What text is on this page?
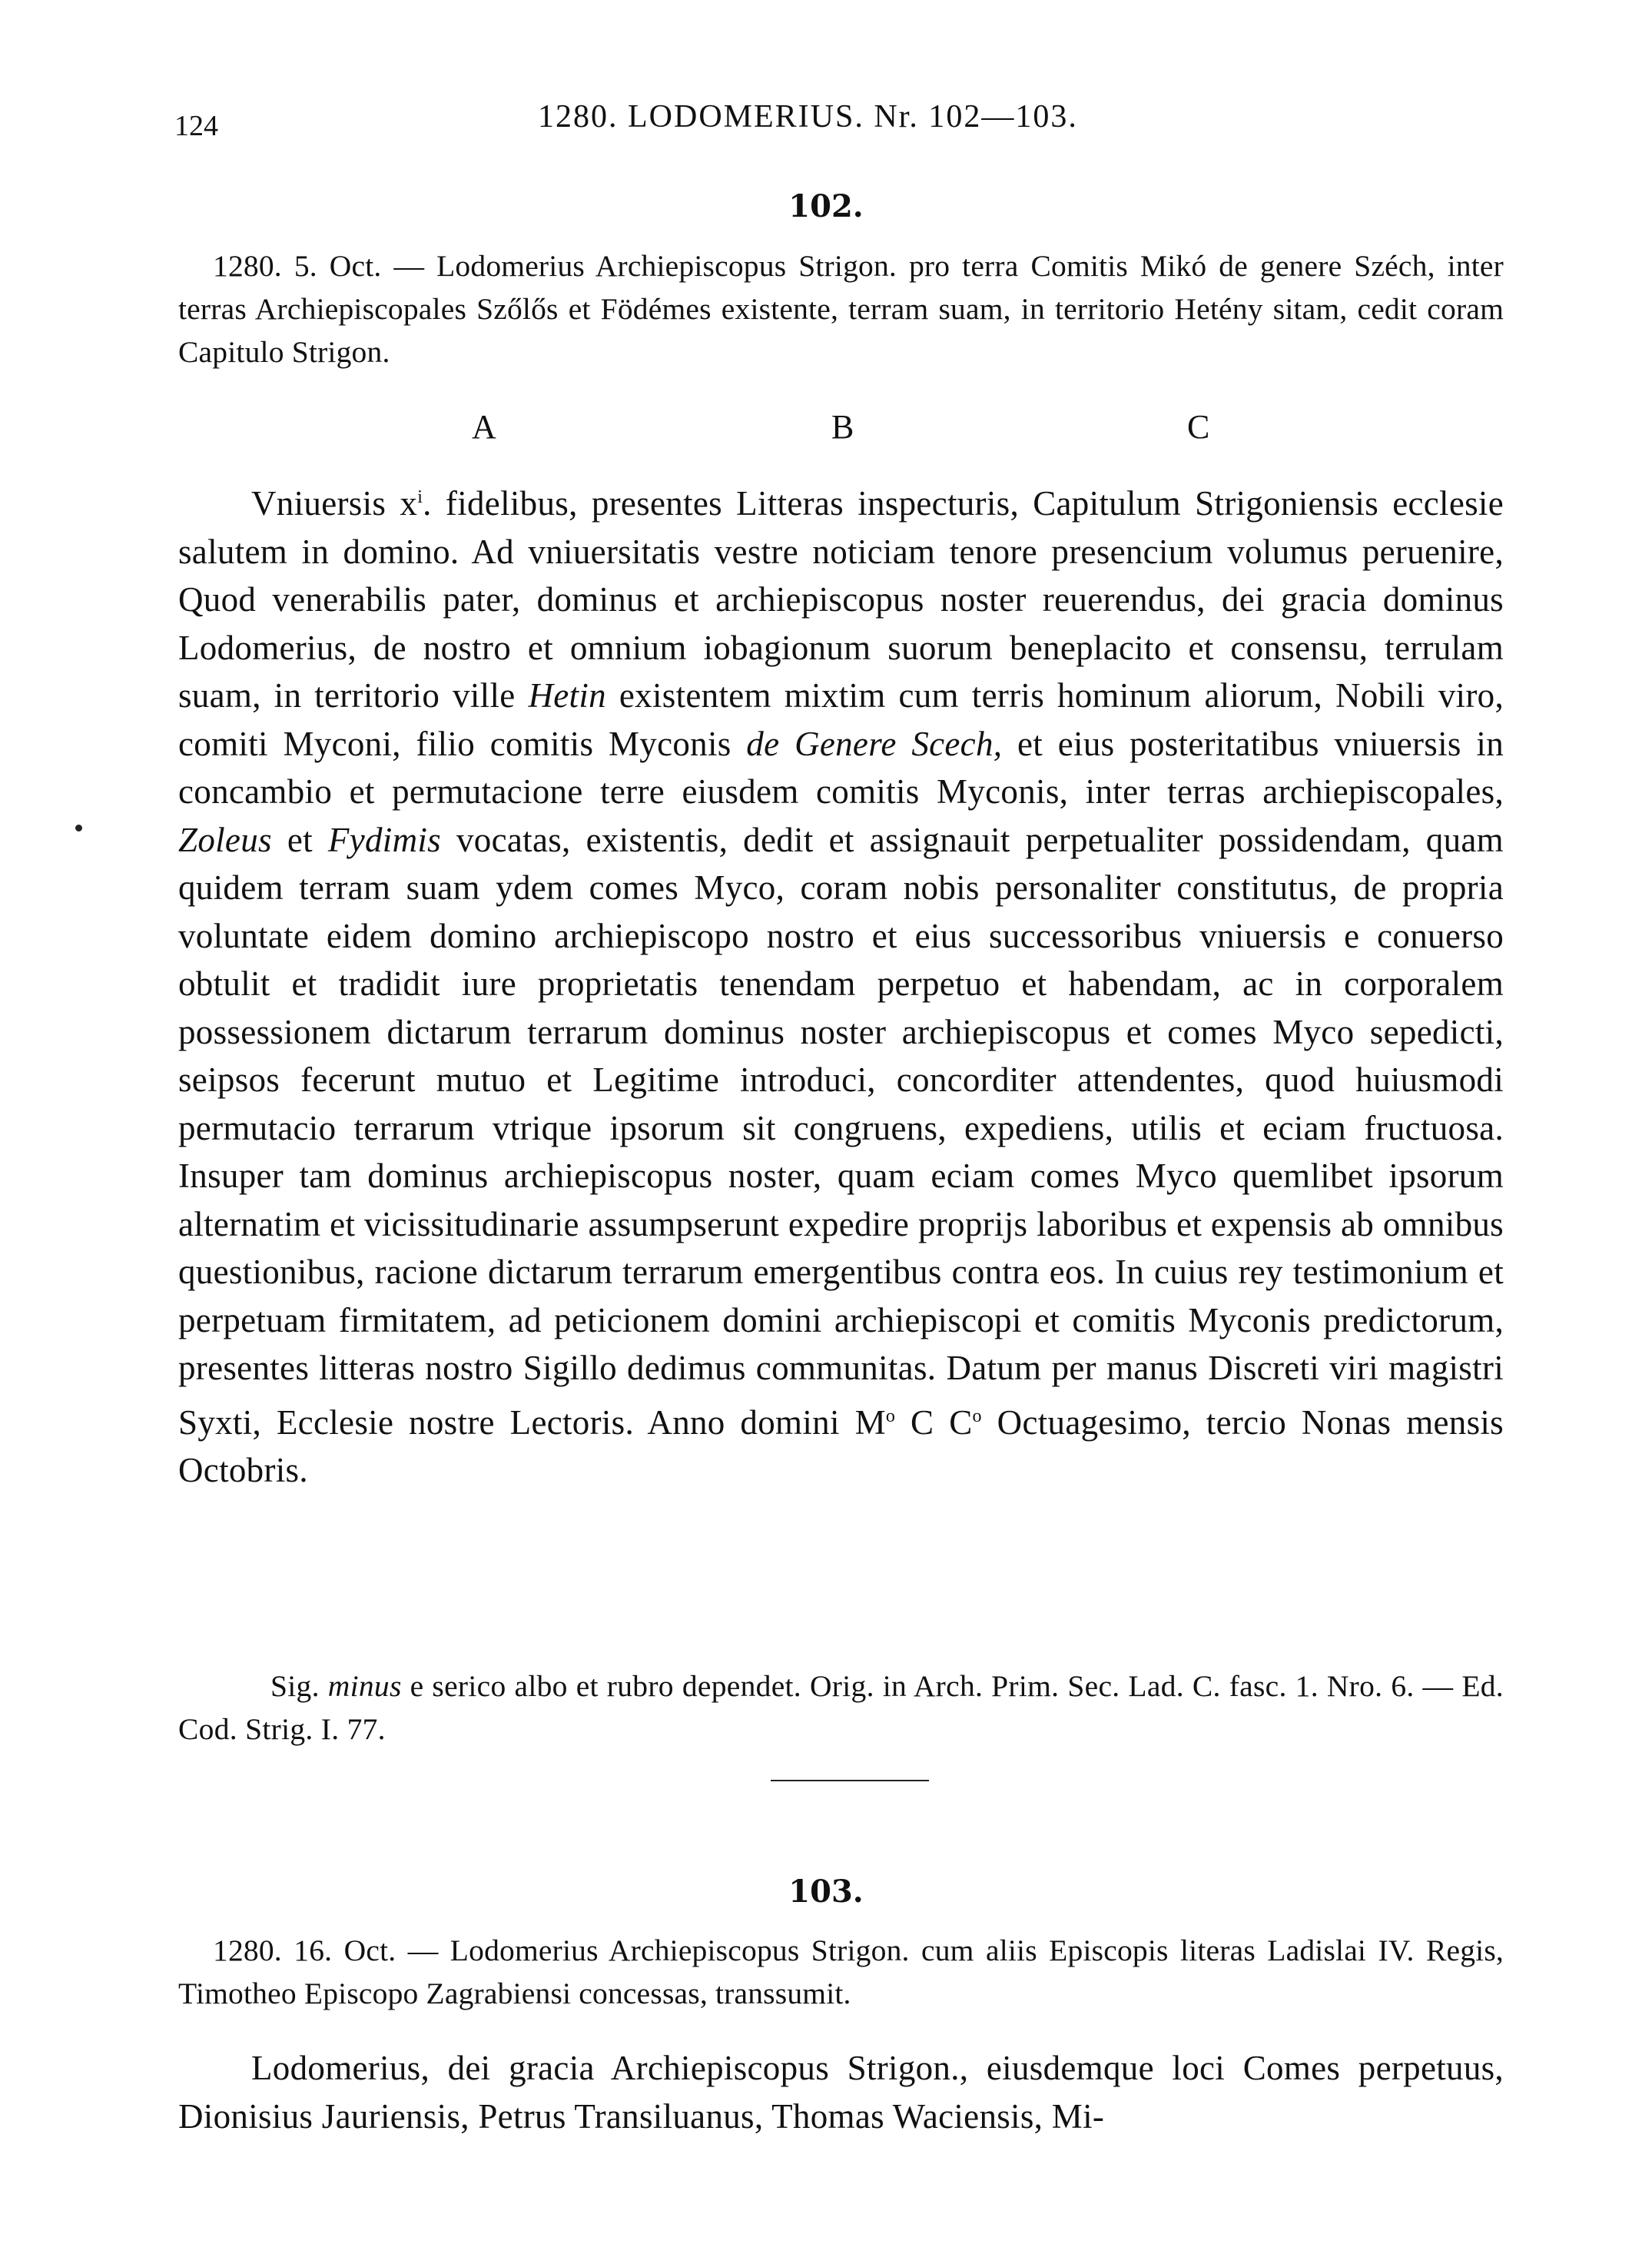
124	1280. LODOMERIUS. Nr. 102—103.
102.

1280. 5. Oct. — Lodomerius Archiepiscopus Strigon. pro terra Comitis Mikó de genere Széch, inter terras Archiepiscopales Szőlős et Födémes existente, terram suam, in territorio Hetény sitam, cedit coram Capitulo Strigon.

A	B	C

Vniuersis $x^i$. fidelibus, presentes Litteras inspecturis, Capitulum Strigoniensis ecclesie salutem in domino. Ad vniuersitatis vestre noticiam tenore presencium volumus peruenire, Quod venerabilis pater, dominus et archiepiscopus noster reuerendus, dei gracia dominus Lodomerius, de nostro et omnium iobagionum suorum beneplacito et consensu, terrulam suam, in territorio ville Hetin existentem mixtim cum terris hominum aliorum, Nobili viro, comiti Myconi, filio comitis Myconis de Genere Scech, et eius posteritatibus vniuersis in concambio et permutacione terre eiusdem comitis Myconis, inter terras archiepiscopales, Zoleus et Fydimis vocatas, existentis, dedit et assignauit perpetualiter possidendam, quam quidem terram suam ydem comes Myco, coram nobis personaliter constitutus, de propria voluntate eidem domino archiepiscopo nostro et eius successoribus vniuersis e conuerso obtulit et tradidit iure proprietatis tenendam perpetuo et habendam, ac in corporalem possessionem dictarum terrarum dominus noster archiepiscopus et comes Myco sepedicti, seipsos fecerunt mutuo et Legitime introduci, concorditer attendentes, quod huiusmodi permutacio terrarum vtrique ipsorum sit congruens, expediens, utilis et eciam fructuosa. Insuper tam dominus archiepiscopus noster, quam eciam comes Myco quemlibet ipsorum alternatim et vicissitudinarie assumpserunt expedire proprijs laboribus et expensis ab omnibus questionibus, racione dictarum terrarum emergentibus contra eos. In cuius rey testimonium et perpetuam firmitatem, ad peticionem domini archiepiscopi et comitis Myconis predictorum, presentes litteras nostro Sigillo dedimus communitas. Datum per manus Discreti viri magistri Syxti, Ecclesie nostre Lectoris. Anno domini $M^o$ C $C^o$ Octuagesimo, tercio Nonas mensis Octobris.

Sig. minus e serico albo et rubro dependet. Orig. in Arch. Prim. Sec. Lad. C. fasc. 1. Nro. 6. — Ed. Cod. Strig. I. 77.

103.

1280. 16. Oct. — Lodomerius Archiepiscopus Strigon. cum aliis Episcopis literas Ladislai IV. Regis, Timotheo Episcopo Zagrabiensi concessas, transsumit.

Lodomerius, dei gracia Archiepiscopus Strigon., eiusdemque loci Comes perpetuus, Dionisius Jauriensis, Petrus Transiluanus, Thomas Waciensis, Mi-
